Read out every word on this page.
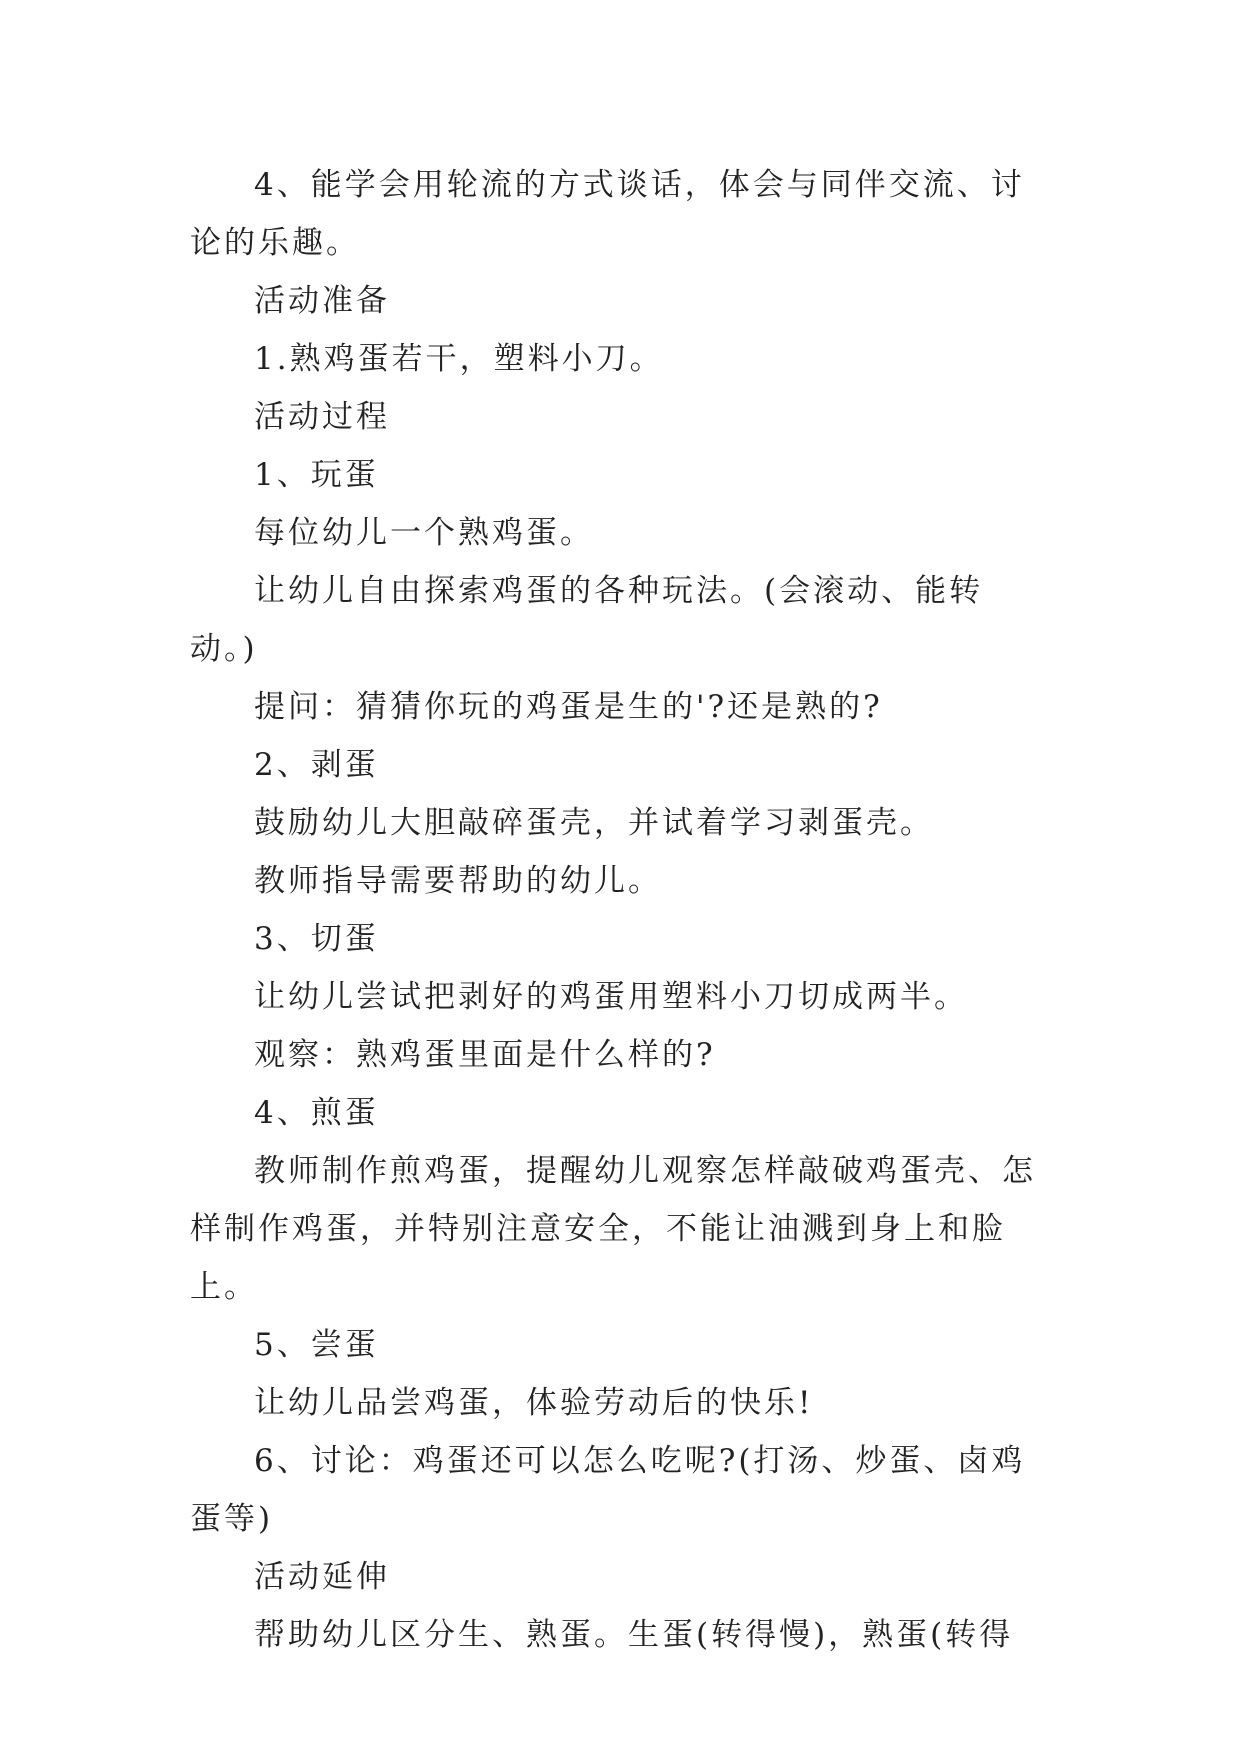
4、能学会用轮流的方式谈话，体会与同伴交流、讨论的乐趣。

活动准备

1.熟鸡蛋若干，塑料小刀。

活动过程

1、玩蛋

每位幼儿一个熟鸡蛋。

让幼儿自由探索鸡蛋的各种玩法。(会滚动、能转动。)

提问：猜猜你玩的鸡蛋是生的'?还是熟的?

2、剥蛋

鼓励幼儿大胆敲碎蛋壳，并试着学习剥蛋壳。

教师指导需要帮助的幼儿。

3、切蛋

让幼儿尝试把剥好的鸡蛋用塑料小刀切成两半。

观察：熟鸡蛋里面是什么样的?

4、煎蛋

教师制作煎鸡蛋，提醒幼儿观察怎样敲破鸡蛋壳、怎样制作鸡蛋，并特别注意安全，不能让油溅到身上和脸上。

5、尝蛋

让幼儿品尝鸡蛋，体验劳动后的快乐!

6、讨论：鸡蛋还可以怎么吃呢?(打汤、炒蛋、卤鸡蛋等)

活动延伸

帮助幼儿区分生、熟蛋。生蛋(转得慢)，熟蛋(转得
